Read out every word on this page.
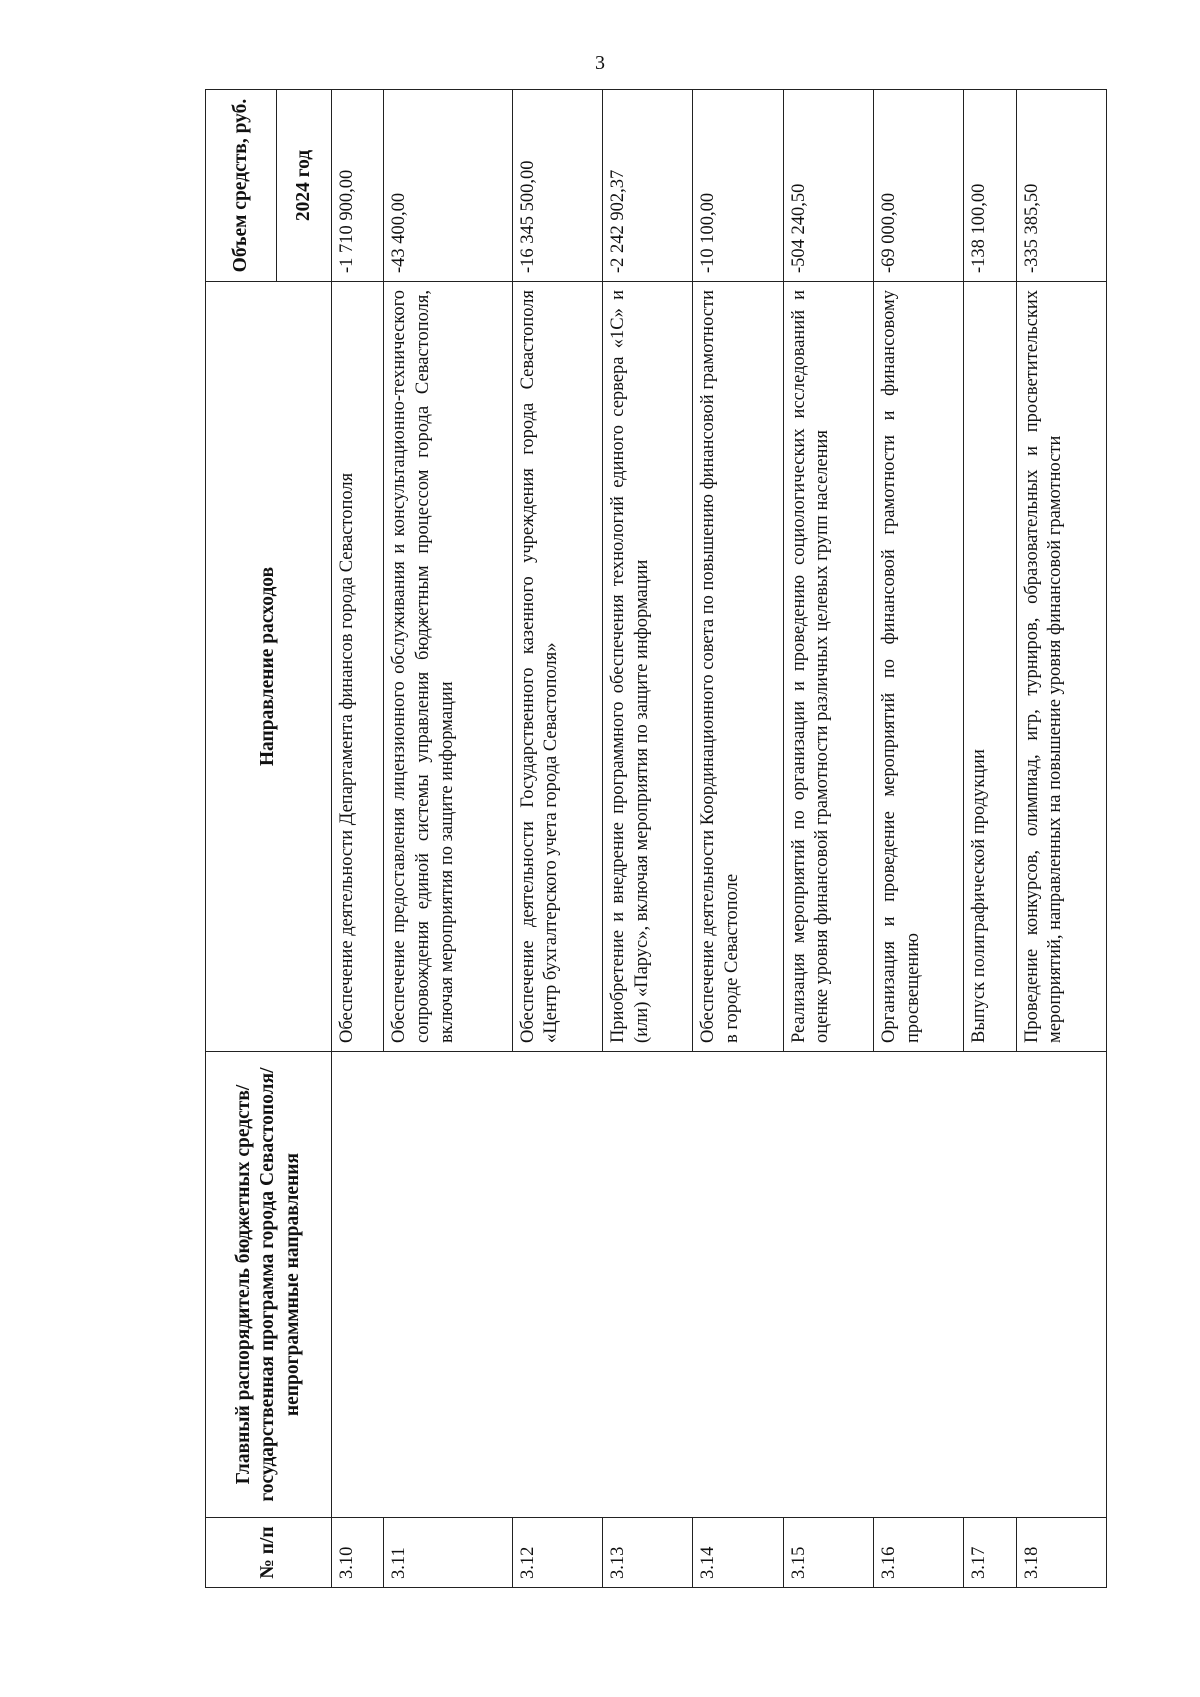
3
№ п/п	Главный распорядитель бюджетных средств/государственная программа города Севастополя/непрограммные направления	Направление расходов	Объем средств, руб.
			2024 год
3.10		Обеспечение деятельности Департамента финансов города Севастополя	-1 710 900,00
3.11		Обеспечение предоставления лицензионного обслуживания и консультационно-технического сопровождения единой системы управления бюджетным процессом города Севастополя, включая мероприятия по защите информации	-43 400,00
3.12		Обеспечение деятельности Государственного казенного учреждения города Севастополя «Центр бухгалтерского учета города Севастополя»	-16 345 500,00
3.13		Приобретение и внедрение программного обеспечения технологий единого сервера «1С» и (или) «Парус», включая мероприятия по защите информации	-2 242 902,37
3.14		Обеспечение деятельности Координационного совета по повышению финансовой грамотности в городе Севастополе	-10 100,00
3.15		Реализация мероприятий по организации и проведению социологических исследований и оценке уровня финансовой грамотности различных целевых групп населения	-504 240,50
3.16		Организация и проведение мероприятий по финансовой грамотности и финансовому просвещению	-69 000,00
3.17		Выпуск полиграфической продукции	-138 100,00
3.18		Проведение конкурсов, олимпиад, игр, турниров, образовательных и просветительских мероприятий, направленных на повышение уровня финансовой грамотности	-335 385,50
